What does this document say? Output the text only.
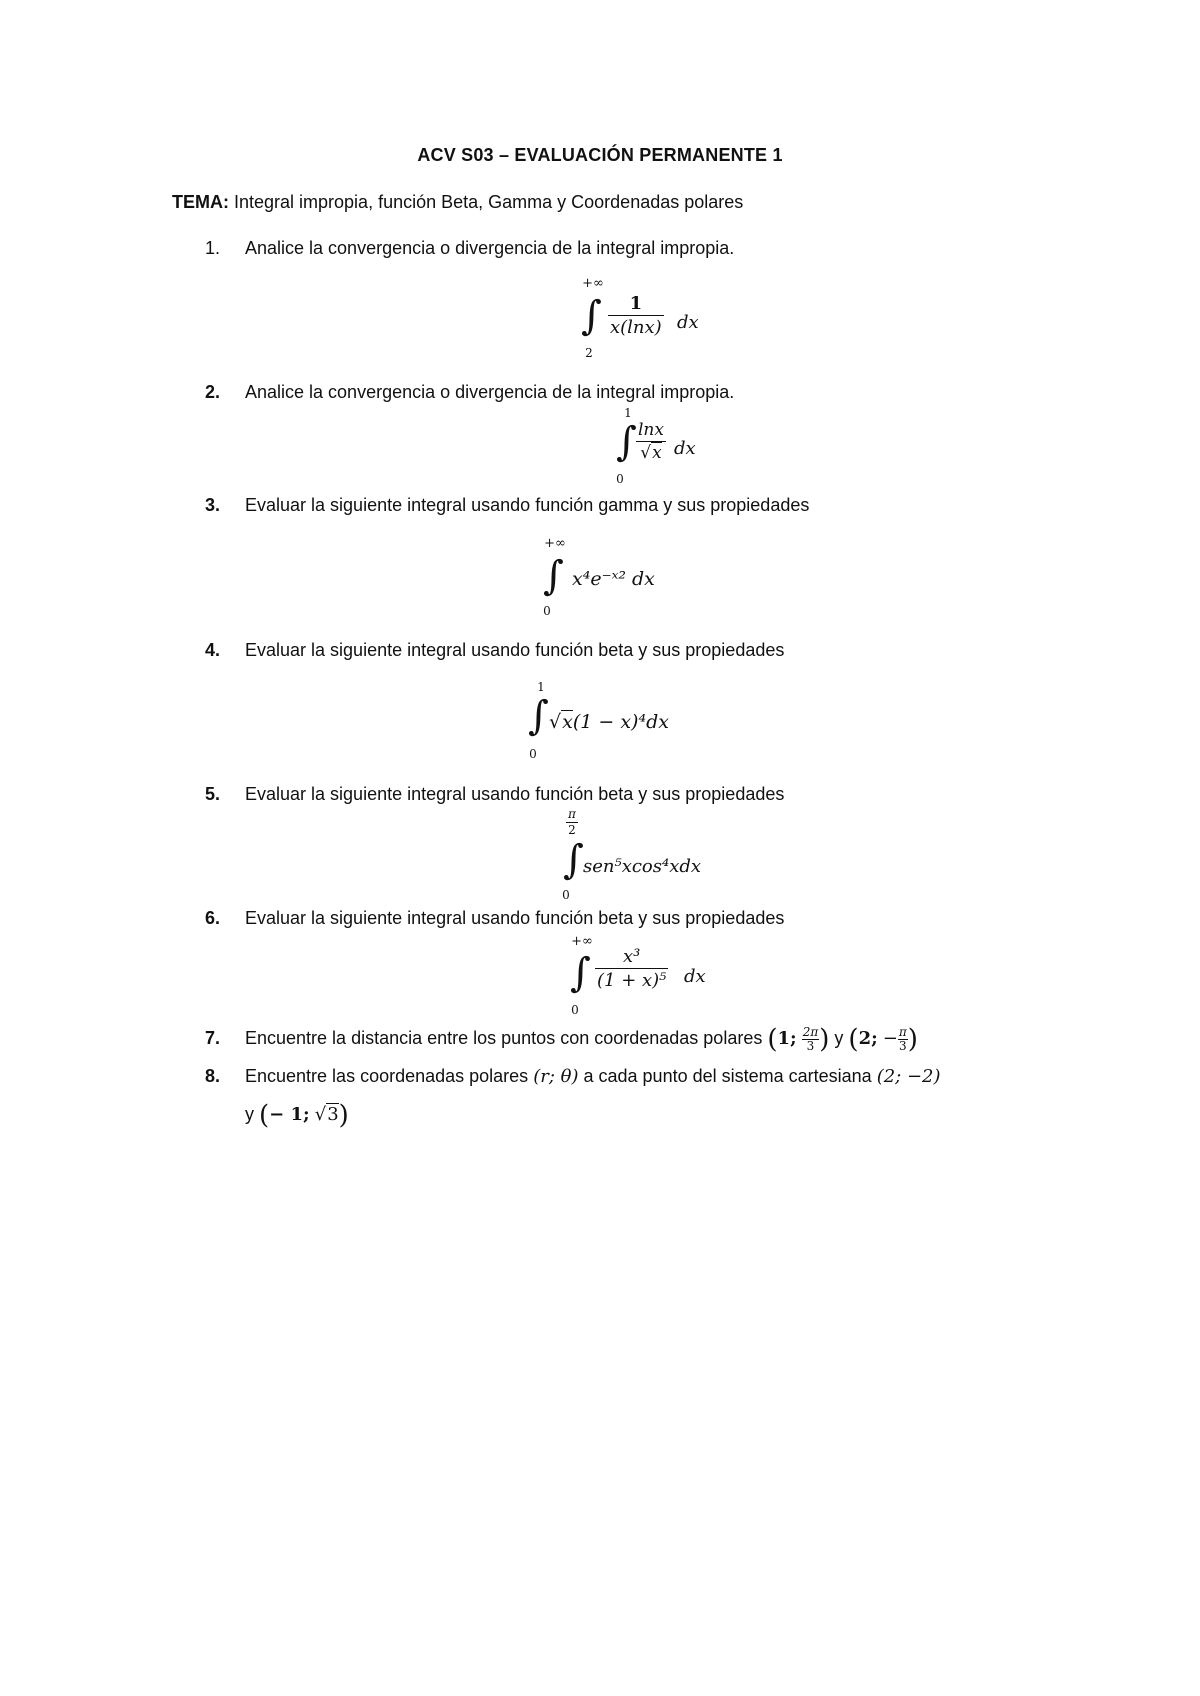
ACV S03 – EVALUACIÓN PERMANENTE 1
TEMA: Integral impropia, función Beta, Gamma y Coordenadas polares
1. Analice la convergencia o divergencia de la integral impropia.
+∞
∫
2
1
x(lnx) dx
2. Analice la convergencia o divergencia de la integral impropia.
1
∫
0
lnx
√x dx
3. Evaluar la siguiente integral usando función gamma y sus propiedades
+∞
∫
0
x⁴e⁻ˣ² dx
4. Evaluar la siguiente integral usando función beta y sus propiedades
1
∫
0
√x(1 − x)⁴dx
5. Evaluar la siguiente integral usando función beta y sus propiedades
π
2
∫
0
sen⁵xcos⁴xdx
6. Evaluar la siguiente integral usando función beta y sus propiedades
+∞
∫
0
x³
(1 + x)⁵ dx
7. Encuentre la distancia entre los puntos con coordenadas polares (1; $\frac{2\pi}{3}$ ) y (2; − $\frac{\pi}{3}$ )
8. Encuentre las coordenadas polares (r; θ) a cada punto del sistema cartesiana (2; −2)
y (− 1; √3)
